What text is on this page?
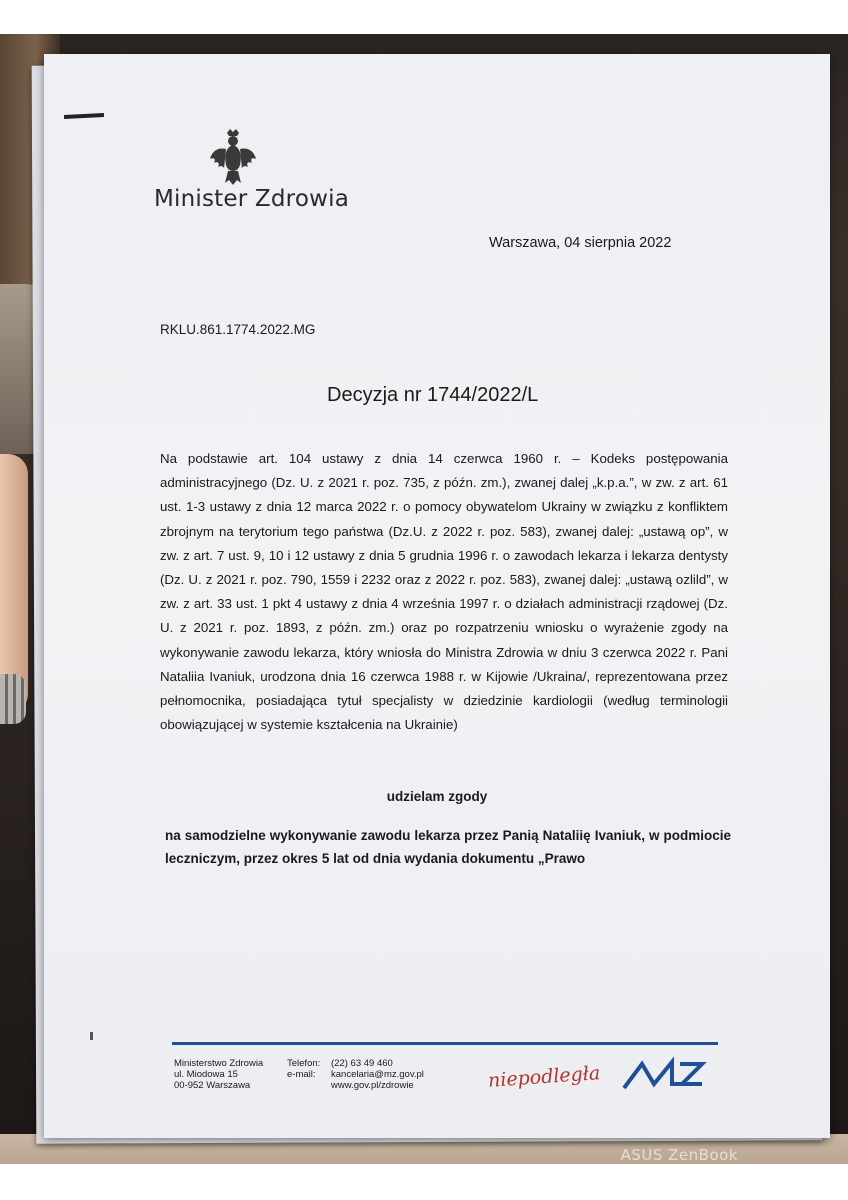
ASUS ZenBook
Minister Zdrowia
Warszawa, 04 sierpnia 2022
RKLU.861.1774.2022.MG
Decyzja nr 1744/2022/L
Na podstawie art. 104 ustawy z dnia 14 czerwca 1960 r. – Kodeks postępowania administracyjnego (Dz. U. z 2021 r. poz. 735, z późn. zm.), zwanej dalej „k.p.a.”, w zw. z art. 61 ust. 1-3 ustawy z dnia 12 marca 2022 r. o pomocy obywatelom Ukrainy w związku z konfliktem zbrojnym na terytorium tego państwa (Dz.U. z 2022 r. poz. 583), zwanej dalej: „ustawą op”, w zw. z art. 7 ust. 9, 10 i 12 ustawy z dnia 5 grudnia 1996 r. o zawodach lekarza i lekarza dentysty (Dz. U. z 2021 r. poz. 790, 1559 i 2232 oraz z 2022 r. poz. 583), zwanej dalej: „ustawą ozlild”, w zw. z art. 33 ust. 1 pkt 4 ustawy z dnia 4 września 1997 r. o działach administracji rządowej (Dz. U. z 2021 r. poz. 1893, z późn. zm.) oraz po rozpatrzeniu wniosku o wyrażenie zgody na wykonywanie zawodu lekarza, który wniosła do Ministra Zdrowia w dniu 3 czerwca 2022 r. Pani Nataliia Ivaniuk, urodzona dnia 16 czerwca 1988 r. w Kijowie /Ukraina/, reprezentowana przez pełnomocnika, posiadająca tytuł specjalisty w dziedzinie kardiologii (według terminologii obowiązującej w systemie kształcenia na Ukrainie)
udzielam zgody
na samodzielne wykonywanie zawodu lekarza przez Panią Nataliię Ivaniuk, w podmiocie leczniczym, przez okres 5 lat od dnia wydania dokumentu „Prawo
Ministerstwo Zdrowia
ul. Miodowa 15
00-952 Warszawa
Telefon: (22) 63 49 460
e-mail: kancelaria@mz.gov.pl
www.gov.pl/zdrowie	niepodległa
